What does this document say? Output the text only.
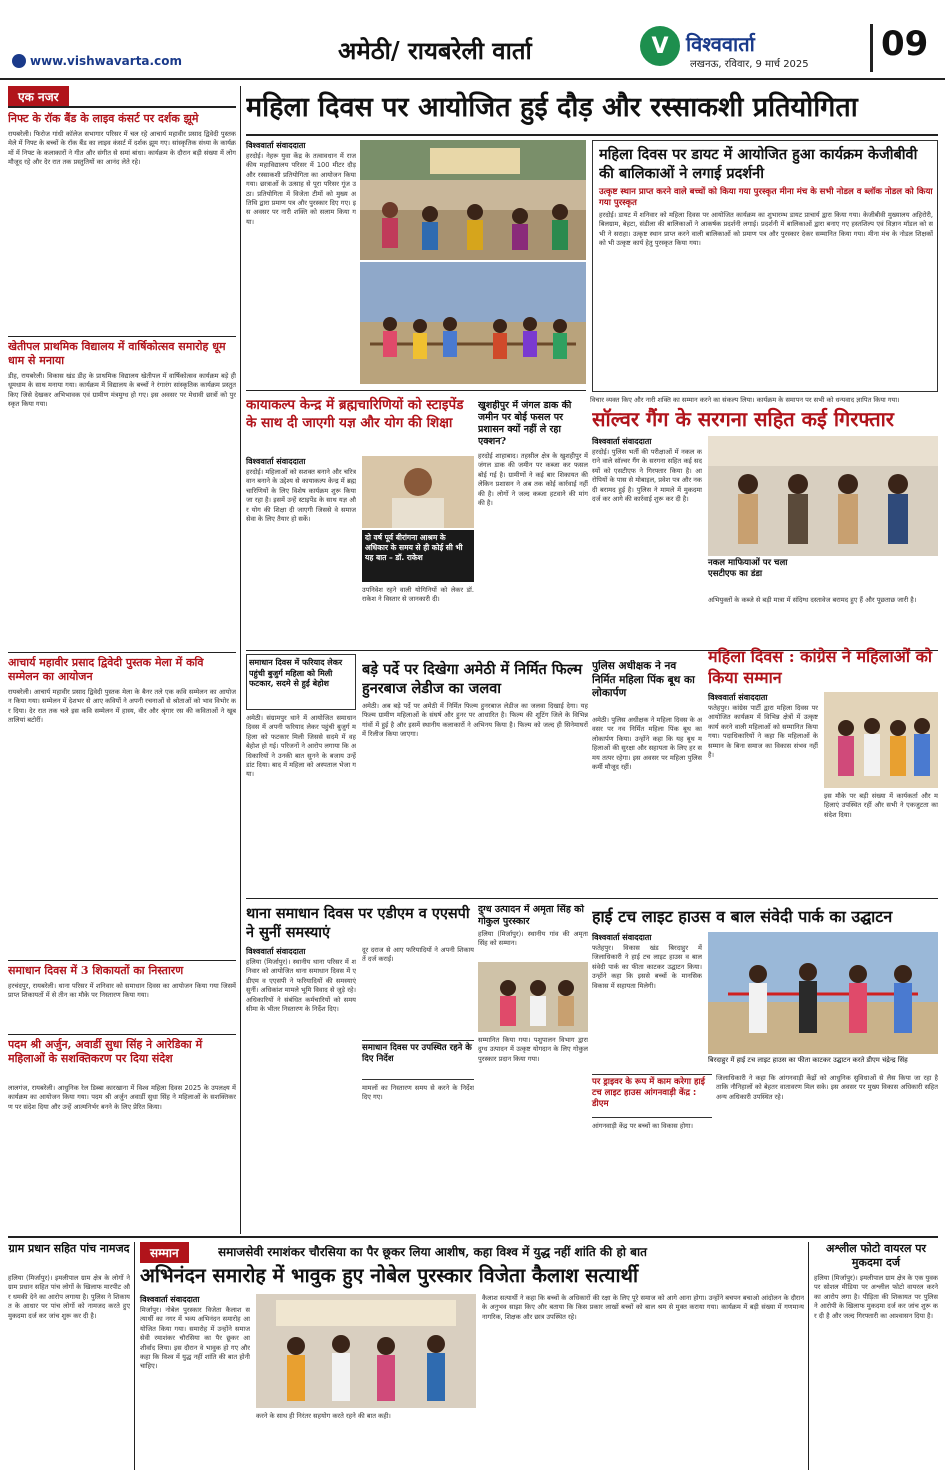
www.vishwavarta.com	अमेठी/ रायबरेली वार्ता	V विश्ववार्ता
लखनऊ, रविवार, 9 मार्च 2025
09
एक नजर
निफ्ट के रॉक बैंड के लाइव कंसर्ट पर दर्शक झूमे
रायबरेली। फिरोज गांधी कॉलेज सभागार परिसर में चल रहे आचार्य महावीर प्रसाद द्विवेदी पुस्तक मेले में निफ्ट के बच्चों के रॉक बैंड का लाइव कंसर्ट में दर्शक झूम गए। सांस्कृतिक संध्या के कार्यक्रमों में निफ्ट के कलाकारों ने गीत और संगीत से समां बांधा। कार्यक्रम के दौरान बड़ी संख्या में लोग मौजूद रहे और देर रात तक प्रस्तुतियों का आनंद लेते रहे।
खेतीपल प्राथमिक विद्यालय में वार्षिकोत्सव समारोह धूम धाम से मनाया
डीह, रायबरेली। विकास खंड डीह के प्राथमिक विद्यालय खेतीपल में वार्षिकोत्सव कार्यक्रम बड़े ही धूमधाम के साथ मनाया गया। कार्यक्रम में विद्यालय के बच्चों ने रंगारंग सांस्कृतिक कार्यक्रम प्रस्तुत किए जिसे देखकर अभिभावक एवं ग्रामीण मंत्रमुग्ध हो गए। इस अवसर पर मेधावी छात्रों को पुरस्कृत किया गया।
आचार्य महावीर प्रसाद द्विवेदी पुस्तक मेला में कवि सम्मेलन का आयोजन
रायबरेली। आचार्य महावीर प्रसाद द्विवेदी पुस्तक मेला के बैनर तले एक कवि सम्मेलन का आयोजन किया गया। सम्मेलन में देशभर से आए कवियों ने अपनी रचनाओं से श्रोताओं को भाव विभोर कर दिया। देर रात तक चले इस कवि सम्मेलन में हास्य, वीर और श्रृंगार रस की कविताओं ने खूब तालियां बटोरीं।
समाधान दिवस में 3 शिकायतों का निस्तारण
हरचंदपुर, रायबरेली। थाना परिसर में शनिवार को समाधान दिवस का आयोजन किया गया जिसमें प्राप्त शिकायतों में से तीन का मौके पर निस्तारण किया गया।
पदम श्री अर्जुन, अवार्डी सुधा सिंह ने आरेडिका में महिलाओं के सशक्तिकरण पर दिया संदेश
लालगंज, रायबरेली। आधुनिक रेल डिब्बा कारखाना में विश्व महिला दिवस 2025 के उपलक्ष्य में कार्यक्रम का आयोजन किया गया। पदम श्री अर्जुन अवार्डी सुधा सिंह ने महिलाओं के सशक्तिकरण पर संदेश दिया और उन्हें आत्मनिर्भर बनने के लिए प्रेरित किया।
महिला दिवस पर आयोजित हुई दौड़ और रस्साकशी प्रतियोगिता
विश्ववार्ता संवाददाता
हरदोई। नेहरू युवा केंद्र के तत्वावधान में राजकीय महाविद्यालय परिसर में 100 मीटर दौड़ और रस्साकशी प्रतियोगिता का आयोजन किया गया। छात्राओं के उत्साह से पूरा परिसर गूंज उठा। प्रतियोगिता में विजेता टीमों को मुख्य अतिथि द्वारा प्रमाण पत्र और पुरस्कार दिए गए। इस अवसर पर नारी शक्ति को सलाम किया गया।
महिला दिवस पर डायट में आयोजित हुआ कार्यक्रम केजीबीवी की बालिकाओं ने लगाई प्रदर्शनी
उत्कृष्ट स्थान प्राप्त करने वाले बच्चों को किया गया पुरस्कृत मीना मंच के सभी नोडल व ब्लॉक नोडल को किया गया पुरस्कृत
हरदोई। डायट में शनिवार को महिला दिवस पर आयोजित कार्यक्रम का शुभारम्भ डायट प्राचार्य द्वारा किया गया। केजीबीवी मुख्यालय अहिरोरी, बिलग्राम, बेहटा, संडीला की बालिकाओं ने आकर्षक प्रदर्शनी लगाई। प्रदर्शनी में बालिकाओं द्वारा बनाए गए हस्तशिल्प एवं विज्ञान मॉडल को सभी ने सराहा। उत्कृष्ट स्थान प्राप्त करने वाली बालिकाओं को प्रमाण पत्र और पुरस्कार देकर सम्मानित किया गया। मीना मंच के नोडल शिक्षकों को भी उत्कृष्ट कार्य हेतु पुरस्कृत किया गया।
विचार व्यक्त किए और नारी शक्ति का सम्मान करने का संकल्प लिया। कार्यक्रम के समापन पर सभी को धन्यवाद ज्ञापित किया गया।
कायाकल्प केन्द्र में ब्रह्मचारिणियों को स्टाइपेंड के साथ दी जाएगी यज्ञ और योग की शिक्षा
विश्ववार्ता संवाददाता
हरदोई। महिलाओं को सशक्त बनाने और चरित्रवान बनाने के उद्देश्य से कायाकल्प केन्द्र में ब्रह्मचारिणियों के लिए विशेष कार्यक्रम शुरू किया जा रहा है। इसमें उन्हें स्टाइपेंड के साथ यज्ञ और योग की शिक्षा दी जाएगी जिससे वे समाज सेवा के लिए तैयार हो सकें।
दो वर्ष पूर्व बीरांगना आश्रम के अधिकार के समय से ही कोई सी भी यह बात – डॉ. राकेश
उपनिवेश रहने वाली योगिनियों को लेकर डॉ. राकेश ने विस्तार से जानकारी दी।
खुशहीपुर में जंगल डाक की जमीन पर बोई फसल पर प्रशासन क्यों नहीं ले रहा एक्शन?
हरदोई शाहाबाद। तहसील क्षेत्र के खुशहीपुर में जंगल डाक की जमीन पर कब्जा कर फसल बोई गई है। ग्रामीणों ने कई बार शिकायत की लेकिन प्रशासन ने अब तक कोई कार्रवाई नहीं की है। लोगों ने जल्द कब्जा हटवाने की मांग की है।
सॉल्वर गैंग के सरगना सहित कई गिरफ्तार
विश्ववार्ता संवाददाता
हरदोई। पुलिस भर्ती की परीक्षाओं में नकल कराने वाले सॉल्वर गैंग के सरगना सहित कई सदस्यों को एसटीएफ ने गिरफ्तार किया है। आरोपियों के पास से मोबाइल, प्रवेश पत्र और नकदी बरामद हुई है। पुलिस ने मामले में मुकदमा दर्ज कर आगे की कार्रवाई शुरू कर दी है।
नकल माफियाओं पर चला एसटीएफ का डंडा
अभियुक्तों के कब्जे से बड़ी मात्रा में संदिग्ध दस्तावेज बरामद हुए हैं और पूछताछ जारी है।
समाधान दिवस में फरियाद लेकर पहुंची बुजुर्ग महिला को मिली फटकार, सदमे से हुई बेहोश
अमेठी। संग्रामपुर थाने में आयोजित समाधान दिवस में अपनी फरियाद लेकर पहुंची बुजुर्ग महिला को फटकार मिली जिससे सदमे में वह बेहोश हो गई। परिजनों ने आरोप लगाया कि अधिकारियों ने उनकी बात सुनने के बजाय उन्हें डांट दिया। बाद में महिला को अस्पताल भेजा गया।
बड़े पर्दे पर दिखेगा अमेठी में निर्मित फिल्म हुनरबाज लेडीज का जलवा
अमेठी। अब बड़े पर्दे पर अमेठी में निर्मित फिल्म हुनरबाज लेडीज का जलवा दिखाई देगा। यह फिल्म ग्रामीण महिलाओं के संघर्ष और हुनर पर आधारित है। फिल्म की शूटिंग जिले के विभिन्न गांवों में हुई है और इसमें स्थानीय कलाकारों ने अभिनय किया है। फिल्म को जल्द ही सिनेमाघरों में रिलीज किया जाएगा।
पुलिस अधीक्षक ने नव निर्मित महिला पिंक बूथ का लोकार्पण
अमेठी। पुलिस अधीक्षक ने महिला दिवस के अवसर पर नव निर्मित महिला पिंक बूथ का लोकार्पण किया। उन्होंने कहा कि यह बूथ महिलाओं की सुरक्षा और सहायता के लिए हर समय तत्पर रहेगा। इस अवसर पर महिला पुलिसकर्मी मौजूद रहीं।
महिला दिवस : कांग्रेस ने महिलाओं को किया सम्मान
विश्ववार्ता संवाददाता
फतेहपुर। कांग्रेस पार्टी द्वारा महिला दिवस पर आयोजित कार्यक्रम में विभिन्न क्षेत्रों में उत्कृष्ट कार्य करने वाली महिलाओं को सम्मानित किया गया। पदाधिकारियों ने कहा कि महिलाओं के सम्मान के बिना समाज का विकास संभव नहीं है।
इस मौके पर बड़ी संख्या में कार्यकर्ता और महिलाएं उपस्थित रहीं और सभी ने एकजुटता का संदेश दिया।
थाना समाधान दिवस पर एडीएम व एएसपी ने सुनीं समस्याएं
विश्ववार्ता संवाददाता
हलिया (मिर्जापुर)। स्थानीय थाना परिसर में शनिवार को आयोजित थाना समाधान दिवस में एडीएम व एएसपी ने फरियादियों की समस्याएं सुनीं। अधिकांश मामले भूमि विवाद से जुड़े रहे। अधिकारियों ने संबंधित कर्मचारियों को समय सीमा के भीतर निस्तारण के निर्देश दिए।
दूर दराज से आए फरियादियों ने अपनी शिकायतें दर्ज कराईं।
समाधान दिवस पर उपस्थित रहने के दिए निर्देश
मामलों का निस्तारण समय से करने के निर्देश दिए गए।
दुग्ध उत्पादन में अमृता सिंह को गोकुल पुरस्कार
हलिया (मिर्जापुर)। स्थानीय गांव की अमृता सिंह को सम्मान।
सम्मानित किया गया। पशुपालन विभाग द्वारा दुग्ध उत्पादन में उत्कृष्ट योगदान के लिए गोकुल पुरस्कार प्रदान किया गया।
हाई टच लाइट हाउस व बाल संवेदी पार्क का उद्घाटन
विश्ववार्ता संवाददाता
फतेहपुर। विकास खंड बिरदाहुर में जिलाधिकारी ने हाई टच लाइट हाउस व बाल संवेदी पार्क का फीता काटकर उद्घाटन किया। उन्होंने कहा कि इससे बच्चों के मानसिक विकास में सहायता मिलेगी।
बिरदाहुर में हाई टच लाइट हाउस का फीता काटकर उद्घाटन करते डीएम चंद्रेन्द्र सिंह
पर ड्राइवर के रूप में काम करेगा हाई टच लाइट हाउस आंगनवाड़ी केंद्र : डीएम
आंगनवाड़ी केंद्र पर बच्चों का विकास होगा।
जिलाधिकारी ने कहा कि आंगनवाड़ी केंद्रों को आधुनिक सुविधाओं से लैस किया जा रहा है ताकि नौनिहालों को बेहतर वातावरण मिल सके। इस अवसर पर मुख्य विकास अधिकारी सहित अन्य अधिकारी उपस्थित रहे।
ग्राम प्रधान सहित पांच नामजद
हलिया (मिर्जापुर)। इमलीपाल ग्राम क्षेत्र के लोगों ने ग्राम प्रधान सहित पांच लोगों के खिलाफ मारपीट और धमकी देने का आरोप लगाया है। पुलिस ने शिकायत के आधार पर पांच लोगों को नामजद करते हुए मुकदमा दर्ज कर जांच शुरू कर दी है।
सम्मान	समाजसेवी रमाशंकर चौरसिया का पैर छूकर लिया आशीष, कहा विश्व में युद्ध नहीं शांति की हो बात
अभिनंदन समारोह में भावुक हुए नोबेल पुरस्कार विजेता कैलाश सत्यार्थी
विश्ववार्ता संवाददाता
मिर्जापुर। नोबेल पुरस्कार विजेता कैलाश सत्यार्थी का नगर में भव्य अभिनंदन समारोह आयोजित किया गया। समारोह में उन्होंने समाजसेवी रमाशंकर चौरसिया का पैर छूकर आशीर्वाद लिया। इस दौरान वे भावुक हो गए और कहा कि विश्व में युद्ध नहीं शांति की बात होनी चाहिए।
करने के साथ ही निरंतर सहयोग करते रहने की बात कही।
कैलाश सत्यार्थी ने कहा कि बच्चों के अधिकारों की रक्षा के लिए पूरे समाज को आगे आना होगा। उन्होंने बचपन बचाओ आंदोलन के दौरान के अनुभव साझा किए और बताया कि किस प्रकार लाखों बच्चों को बाल श्रम से मुक्त कराया गया। कार्यक्रम में बड़ी संख्या में गणमान्य नागरिक, शिक्षक और छात्र उपस्थित रहे।
अश्लील फोटो वायरल पर मुकदमा दर्ज
हलिया (मिर्जापुर)। इमलीपाल ग्राम क्षेत्र के एक युवक पर सोशल मीडिया पर अश्लील फोटो वायरल करने का आरोप लगा है। पीड़िता की शिकायत पर पुलिस ने आरोपी के खिलाफ मुकदमा दर्ज कर जांच शुरू कर दी है और जल्द गिरफ्तारी का आश्वासन दिया है।
